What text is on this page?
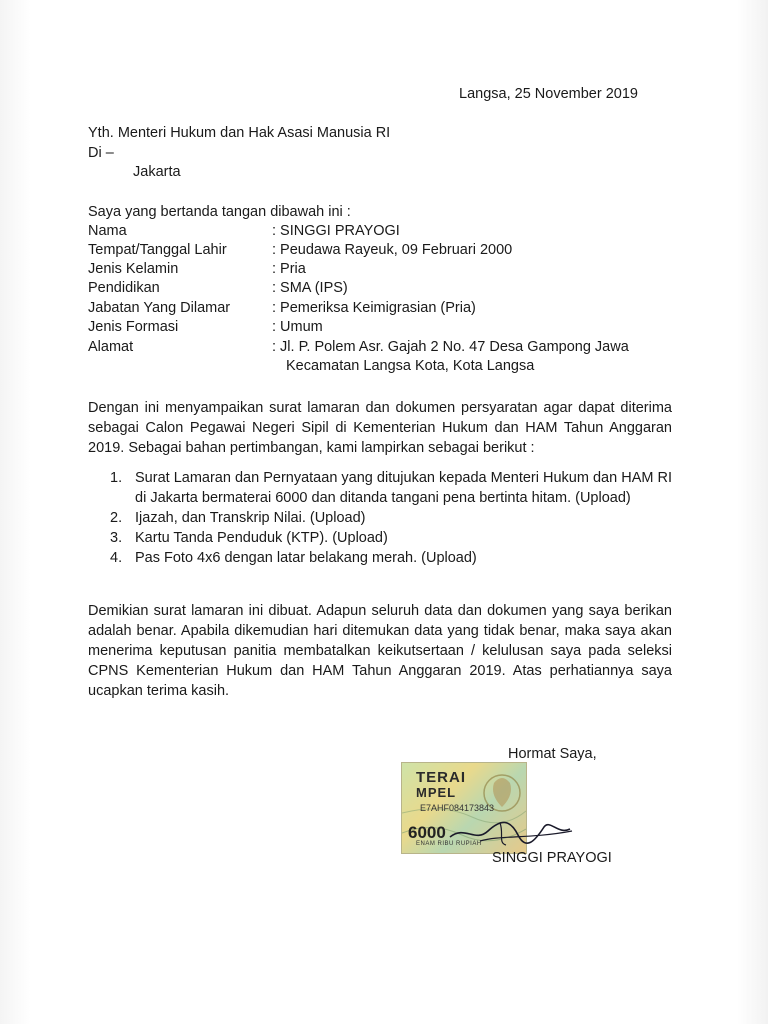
Langsa, 25 November 2019
Yth. Menteri Hukum dan Hak Asasi Manusia RI
Di –
Jakarta
Saya yang bertanda tangan dibawah ini :
Nama	: SINGGI PRAYOGI
Tempat/Tanggal Lahir	: Peudawa Rayeuk, 09 Februari 2000
Jenis Kelamin	: Pria
Pendidikan	: SMA (IPS)
Jabatan Yang Dilamar	: Pemeriksa Keimigrasian (Pria)
Jenis Formasi	: Umum
Alamat	: Jl. P. Polem Asr. Gajah 2 No. 47 Desa Gampong Jawa
Kecamatan Langsa Kota, Kota Langsa
Dengan ini menyampaikan surat lamaran dan dokumen persyaratan agar dapat diterima sebagai Calon Pegawai Negeri Sipil di Kementerian Hukum dan HAM Tahun Anggaran 2019. Sebagai bahan pertimbangan, kami lampirkan sebagai berikut :
1. Surat Lamaran dan Pernyataan yang ditujukan kepada Menteri Hukum dan HAM RI di Jakarta bermaterai 6000 dan ditanda tangani pena bertinta hitam. (Upload)
2. Ijazah, dan Transkrip Nilai. (Upload)
3. Kartu Tanda Penduduk (KTP). (Upload)
4. Pas Foto 4x6 dengan latar belakang merah. (Upload)
Demikian surat lamaran ini dibuat. Adapun seluruh data dan dokumen yang saya berikan adalah benar. Apabila dikemudian hari ditemukan data yang tidak benar, maka saya akan menerima keputusan panitia membatalkan keikutsertaan / kelulusan saya pada seleksi CPNS Kementerian Hukum dan HAM Tahun Anggaran 2019. Atas perhatiannya saya ucapkan terima kasih.
Hormat Saya,
TERAI
MPEL
E7AHF084173843
6000
ENAM RIBU RUPIAH
SINGGI PRAYOGI
